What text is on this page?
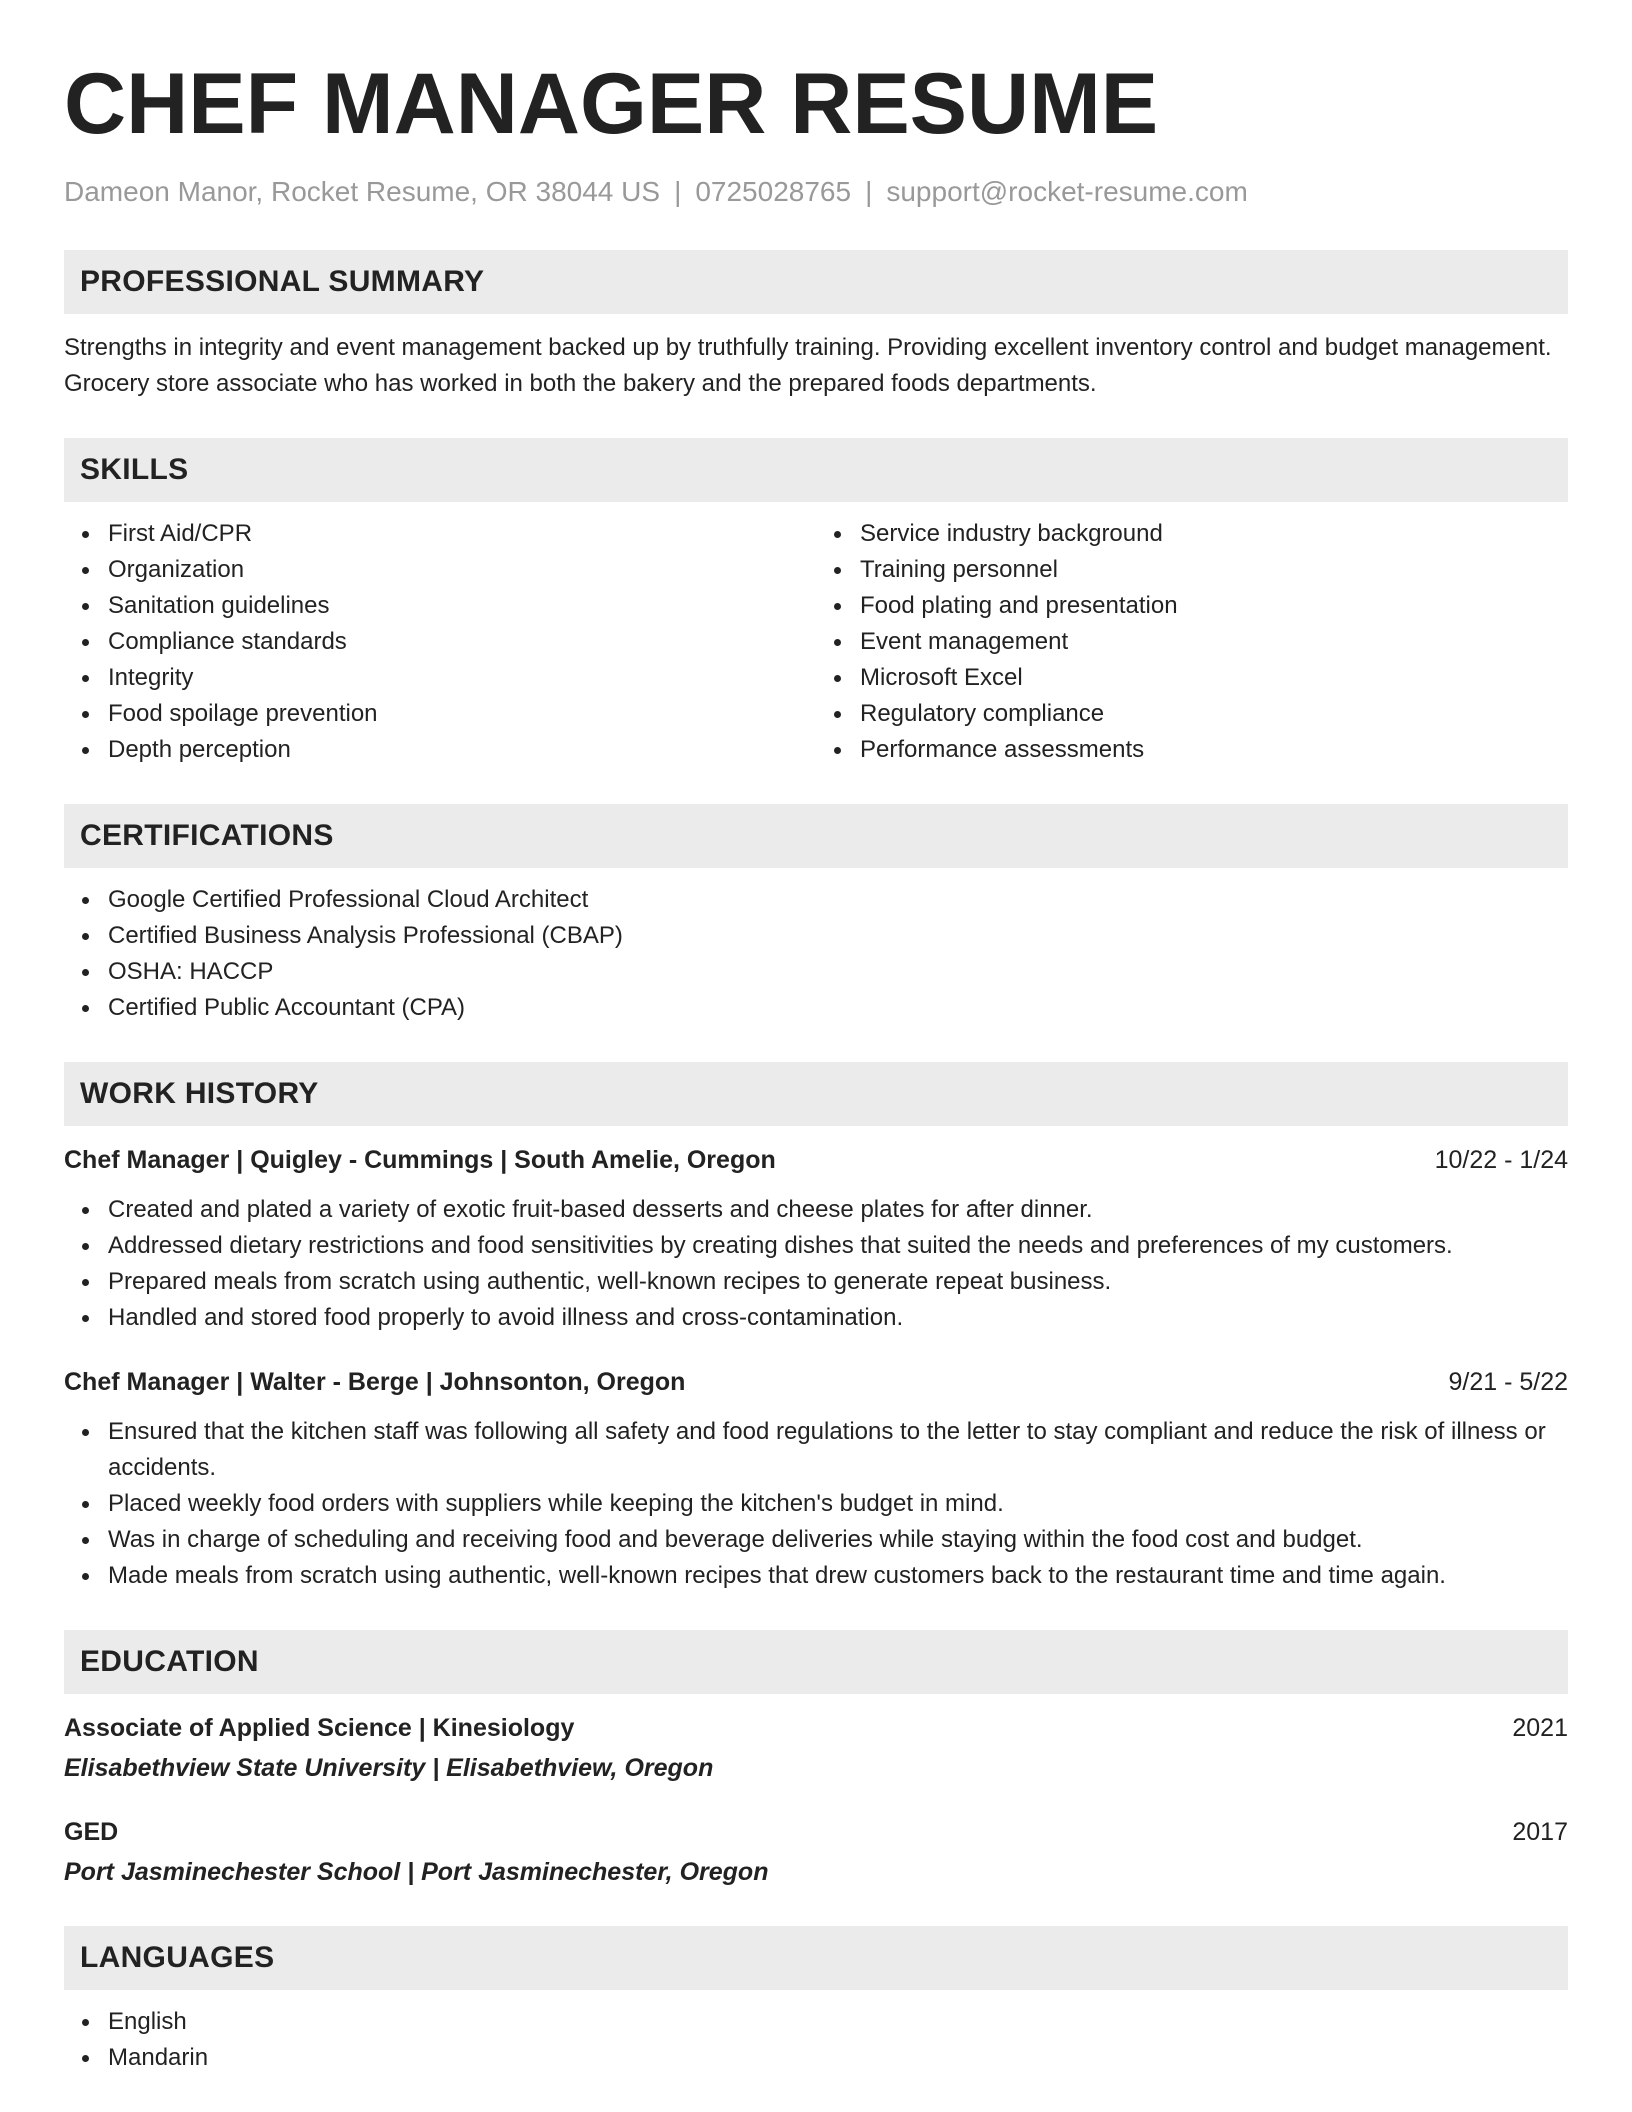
CHEF MANAGER RESUME
Dameon Manor, Rocket Resume, OR 38044 US | 0725028765 | support@rocket-resume.com
PROFESSIONAL SUMMARY
Strengths in integrity and event management backed up by truthfully training. Providing excellent inventory control and budget management. Grocery store associate who has worked in both the bakery and the prepared foods departments.
SKILLS
First Aid/CPR
Organization
Sanitation guidelines
Compliance standards
Integrity
Food spoilage prevention
Depth perception
Service industry background
Training personnel
Food plating and presentation
Event management
Microsoft Excel
Regulatory compliance
Performance assessments
CERTIFICATIONS
Google Certified Professional Cloud Architect
Certified Business Analysis Professional (CBAP)
OSHA: HACCP
Certified Public Accountant (CPA)
WORK HISTORY
Chef Manager | Quigley - Cummings | South Amelie, Oregon	10/22 - 1/24
Created and plated a variety of exotic fruit-based desserts and cheese plates for after dinner.
Addressed dietary restrictions and food sensitivities by creating dishes that suited the needs and preferences of my customers.
Prepared meals from scratch using authentic, well-known recipes to generate repeat business.
Handled and stored food properly to avoid illness and cross-contamination.
Chef Manager | Walter - Berge | Johnsonton, Oregon	9/21 - 5/22
Ensured that the kitchen staff was following all safety and food regulations to the letter to stay compliant and reduce the risk of illness or accidents.
Placed weekly food orders with suppliers while keeping the kitchen's budget in mind.
Was in charge of scheduling and receiving food and beverage deliveries while staying within the food cost and budget.
Made meals from scratch using authentic, well-known recipes that drew customers back to the restaurant time and time again.
EDUCATION
Associate of Applied Science | Kinesiology	2021
Elisabethview State University | Elisabethview, Oregon
GED	2017
Port Jasminechester School | Port Jasminechester, Oregon
LANGUAGES
English
Mandarin
